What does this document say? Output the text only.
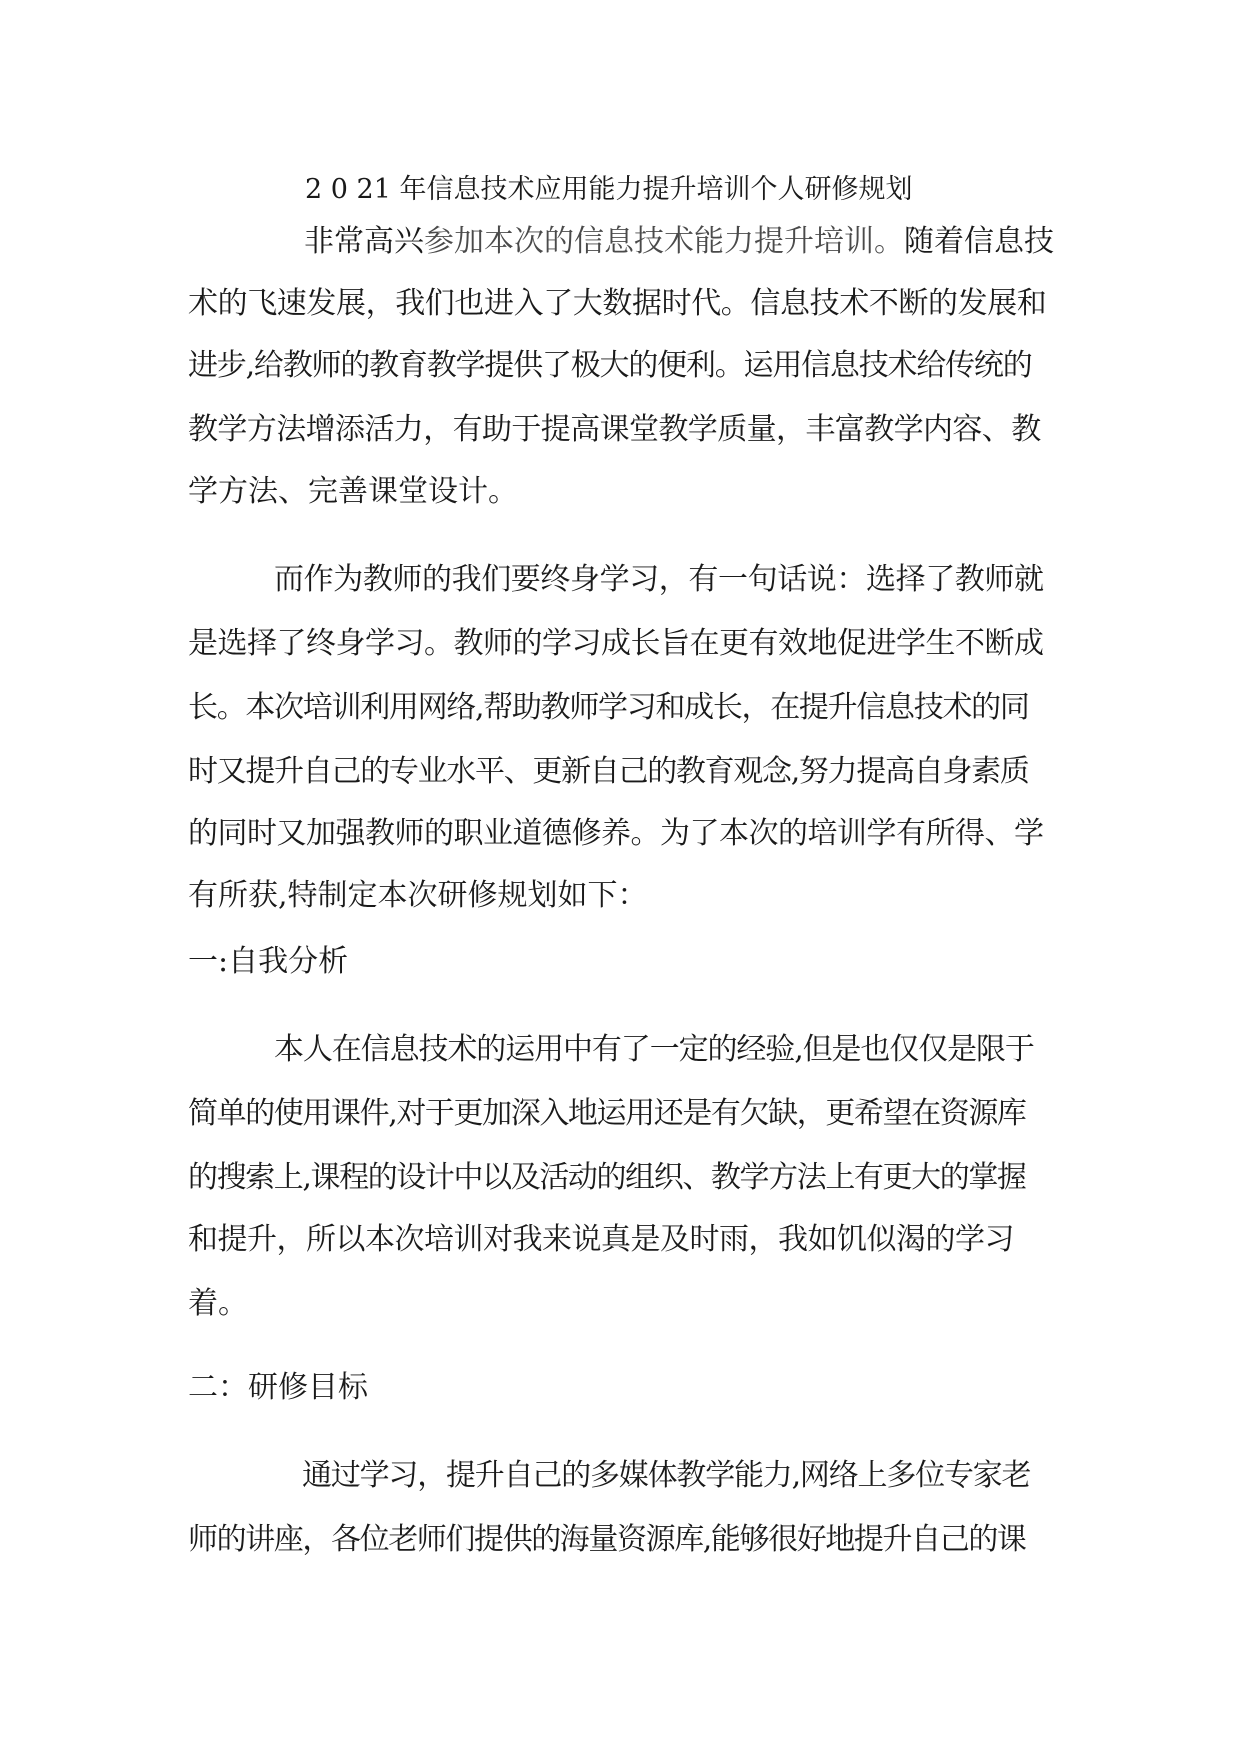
2 0 21 年信息技术应用能力提升培训个人研修规划
非常高兴参加本次的信息技术能力提升培训。随着信息技
术的飞速发展，我们也进入了大数据时代。信息技术不断的发展和
进步,给教师的教育教学提供了极大的便利。运用信息技术给传统的
教学方法增添活力，有助于提高课堂教学质量，丰富教学内容、教
学方法、完善课堂设计。
而作为教师的我们要终身学习，有一句话说：选择了教师就
是选择了终身学习。教师的学习成长旨在更有效地促进学生不断成
长。本次培训利用网络,帮助教师学习和成长，在提升信息技术的同
时又提升自己的专业水平、更新自己的教育观念,努力提高自身素质
的同时又加强教师的职业道德修养。为了本次的培训学有所得、学
有所获,特制定本次研修规划如下：
一:自我分析
本人在信息技术的运用中有了一定的经验,但是也仅仅是限于
简单的使用课件,对于更加深入地运用还是有欠缺，更希望在资源库
的搜索上,课程的设计中以及活动的组织、教学方法上有更大的掌握
和提升，所以本次培训对我来说真是及时雨，我如饥似渴的学习
着。
二：研修目标
通过学习，提升自己的多媒体教学能力,网络上多位专家老
师的讲座，各位老师们提供的海量资源库,能够很好地提升自己的课
